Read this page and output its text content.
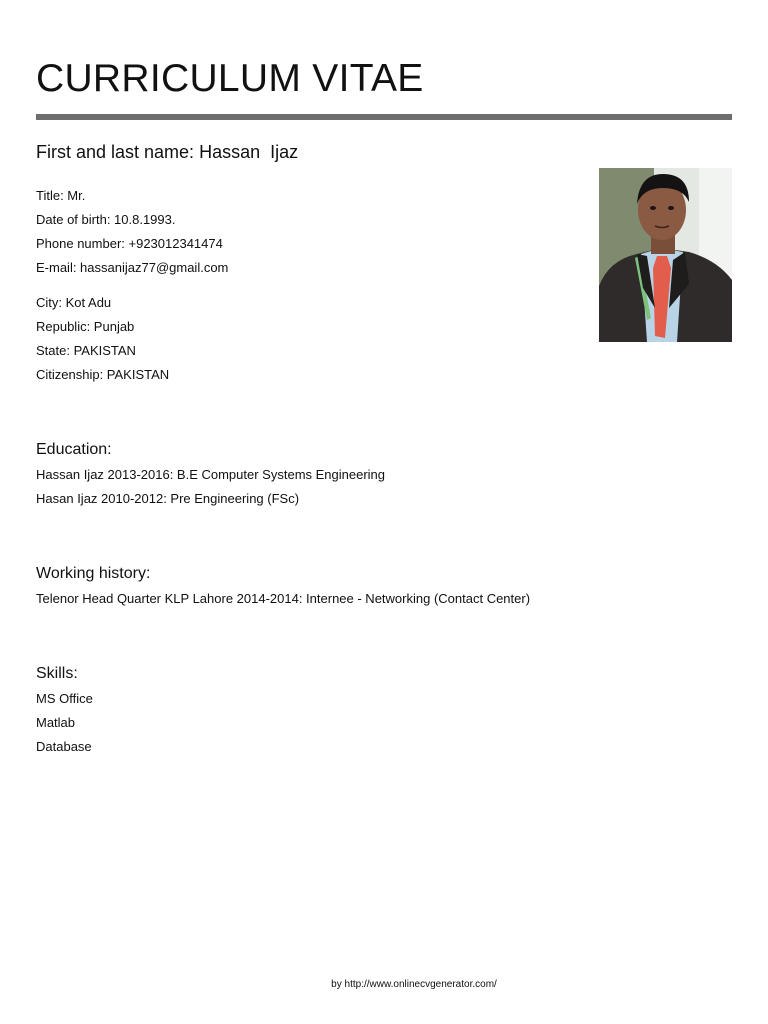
CURRICULUM VITAE
First and last name: Hassan  Ijaz
Title: Mr.
Date of birth: 10.8.1993.
Phone number: +923012341474
E-mail: hassanijaz77@gmail.com
City: Kot Adu
Republic: Punjab
State: PAKISTAN
Citizenship: PAKISTAN
Education:
Hassan Ijaz 2013-2016: B.E Computer Systems Engineering
Hasan Ijaz 2010-2012: Pre Engineering (FSc)
Working history:
Telenor Head Quarter KLP Lahore 2014-2014: Internee - Networking (Contact Center)
Skills:
MS Office
Matlab
Database
by http://www.onlinecvgenerator.com/
